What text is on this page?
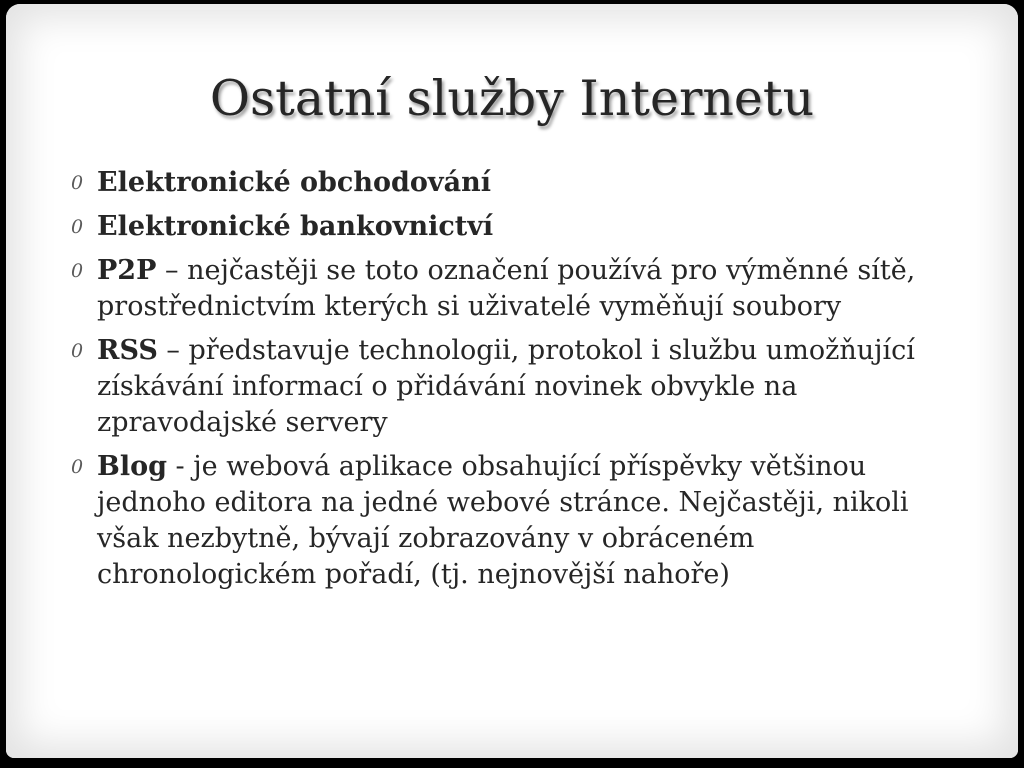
Ostatní služby Internetu
0 Elektronické obchodování
0 Elektronické bankovnictví
0 P2P – nejčastěji se toto označení používá pro výměnné sítě, prostřednictvím kterých si uživatelé vyměňují soubory
0 RSS – představuje technologii, protokol i službu umožňující získávání informací o přidávání novinek obvykle na zpravodajské servery
0 Blog - je webová aplikace obsahující příspěvky většinou jednoho editora na jedné webové stránce. Nejčastěji, nikoli však nezbytně, bývají zobrazovány v obráceném chronologickém pořadí, (tj. nejnovější nahoře)
